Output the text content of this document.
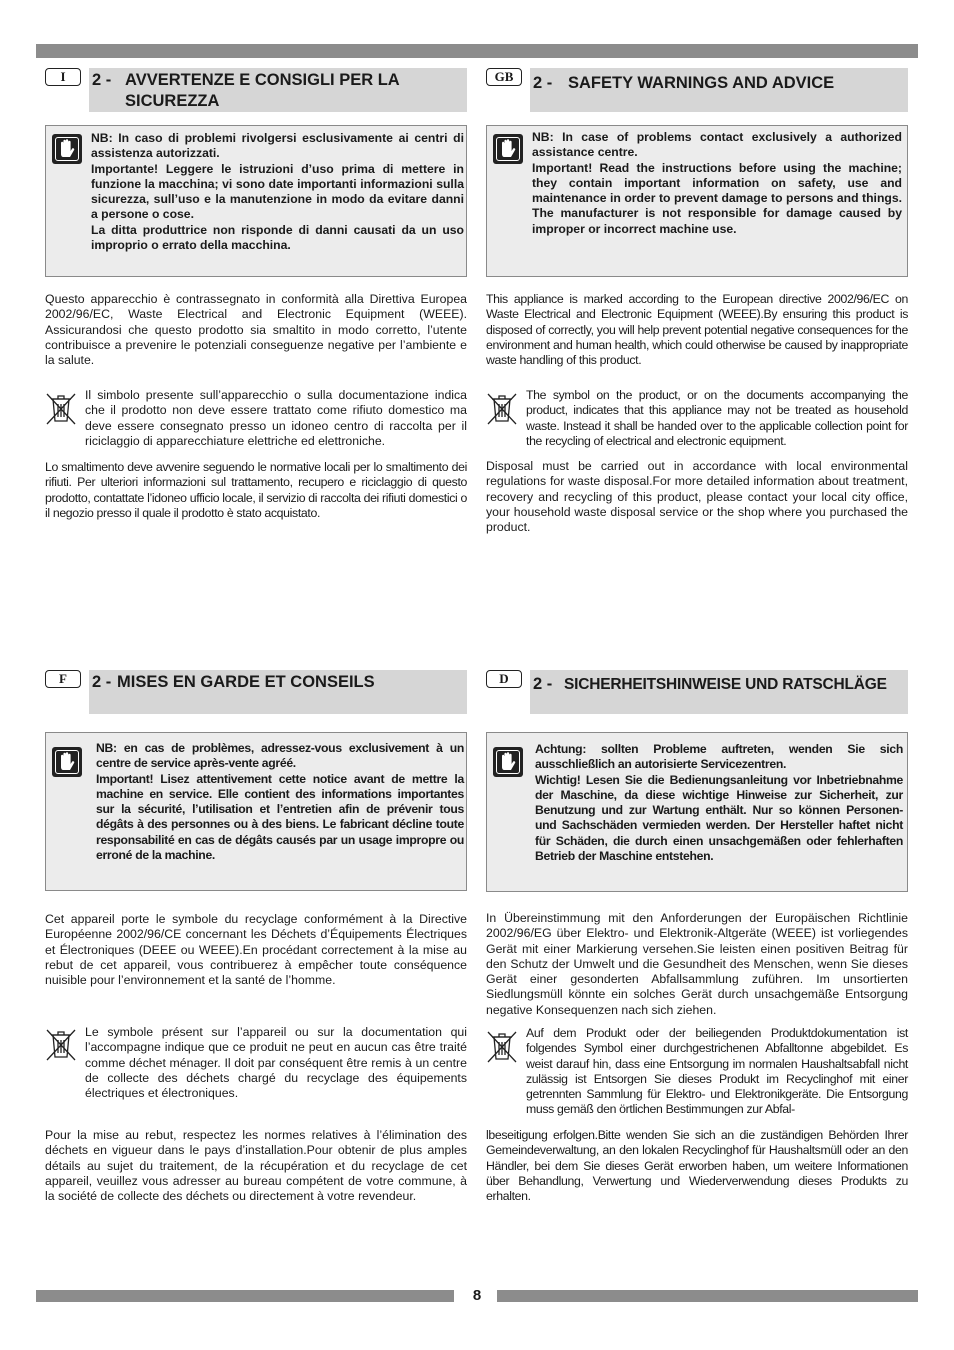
I	2 - AVVERTENZE E CONSIGLI PER LA SICUREZZA

NB: In caso di problemi rivolgersi esclusivamente ai centri di assistenza autorizzati.

Importante! Leggere le istruzioni d’uso prima di mettere in funzione la macchina; vi sono date importanti informazioni sulla sicurezza, sull’uso e la manutenzione in modo da evitare danni a persone o cose.

La ditta produttrice non risponde di danni causati da un uso improprio o errato della macchina.

Questo apparecchio è contrassegnato in conformità alla Direttiva Europea 2002/96/EC, Waste Electrical and Electronic Equipment (WEEE). Assicurandosi che questo prodotto sia smaltito in modo corretto, l’utente contribuisce a prevenire le potenziali conseguenze negative per l’ambiente e la salute.

Il simbolo presente sull’apparecchio o sulla documentazione indica che il prodotto non deve essere trattato come rifiuto domestico ma deve essere consegnato presso un idoneo centro di raccolta per il riciclaggio di apparecchiature elettriche ed elettroniche.

Lo smaltimento deve avvenire seguendo le normative locali per lo smaltimento dei rifiuti. Per ulteriori informazioni sul trattamento, recupero e riciclaggio di questo prodotto, contattate l’idoneo ufficio locale, il servizio di raccolta dei rifiuti domestici o il negozio presso il quale il prodotto è stato acquistato.

GB	2 - SAFETY WARNINGS AND ADVICE

NB: In case of problems contact exclusively a authorized assistance centre.

Important! Read the instructions before using the machine; they contain important information on safety, use and maintenance in order to prevent damage to persons and things. The manufacturer is not responsible for damage caused by improper or incorrect machine use.

This appliance is marked according to the European directive 2002/96/EC on Waste Electrical and Electronic Equipment (WEEE).By ensuring this product is disposed of correctly, you will help prevent potential negative consequences for the environment and human health, which could otherwise be caused by inappropriate waste handling of this product.

The symbol on the product, or on the documents accompanying the product, indicates that this appliance may not be treated as household waste. Instead it shall be handed over to the applicable collection point for the recycling of electrical and electronic equipment.

Disposal must be carried out in accordance with local environmental regulations for waste disposal.For more detailed information about treatment, recovery and recycling of this product, please contact your local city office, your household waste disposal service or the shop where you purchased the product.

F	2 - MISES EN GARDE ET CONSEILS

NB: en cas de problèmes, adressez-vous exclusivement à un centre de service après-vente agréé.

Important! Lisez attentivement cette notice avant de mettre la machine en service. Elle contient des informations importantes sur la sécurité, l’utilisation et l’entretien afin de prévenir tous dégâts à des personnes ou à des biens. Le fabricant décline toute responsabilité en cas de dégâts causés par un usage impropre ou erroné de la machine.

Cet appareil porte le symbole du recyclage conformément à la Directive Européenne 2002/96/CE concernant les Déchets d’Équipements Électriques et Électroniques (DEEE ou WEEE).En procédant correctement à la mise au rebut de cet appareil, vous contribuerez à empêcher toute conséquence nuisible pour l’environnement et la santé de l’homme.

Le symbole présent sur l’appareil ou sur la documentation qui l’accompagne indique que ce produit ne peut en aucun cas être traité comme déchet ménager. Il doit par conséquent être remis à un centre de collecte des déchets chargé du recyclage des équipements électriques et électroniques.

Pour la mise au rebut, respectez les normes relatives à l’élimination des déchets en vigueur dans le pays d’installation.Pour obtenir de plus amples détails au sujet du traitement, de la récupération et du recyclage de cet appareil, veuillez vous adresser au bureau compétent de votre commune, à la société de collecte des déchets ou directement à votre revendeur.

D	2 - SICHERHEITSHINWEISE UND RATSCHLÄGE

Achtung: sollten Probleme auftreten, wenden Sie sich ausschließlich an autorisierte Servicezentren.

Wichtig! Lesen Sie die Bedienungsanleitung vor Inbetriebnahme der Maschine, da diese wichtige Hinweise zur Sicherheit, zur Benutzung und zur Wartung enthält. Nur so können Personen- und Sachschäden vermieden werden. Der Hersteller haftet nicht für Schäden, die durch einen unsachgemäßen oder fehlerhaften Betrieb der Maschine entstehen.

In Übereinstimmung mit den Anforderungen der Europäischen Richtlinie 2002/96/EG über Elektro- und Elektronik-Altgeräte (WEEE) ist vorliegendes Gerät mit einer Markierung versehen.Sie leisten einen positiven Beitrag für den Schutz der Umwelt und die Gesundheit des Menschen, wenn Sie dieses Gerät einer gesonderten Abfallsammlung zuführen. Im unsortierten Siedlungsmüll könnte ein solches Gerät durch unsachgemäße Entsorgung negative Konsequenzen nach sich ziehen.

Auf dem Produkt oder der beiliegenden Produktdokumentation ist folgendes Symbol einer durchgestrichenen Abfalltonne abgebildet. Es weist darauf hin, dass eine Entsorgung im normalen Haushaltsabfall nicht zulässig ist Entsorgen Sie dieses Produkt im Recyclinghof mit einer getrennten Sammlung für Elektro- und Elektronikgeräte. Die Entsorgung muss gemäß den örtlichen Bestimmungen zur Abfal-

lbeseitigung erfolgen.Bitte wenden Sie sich an die zuständigen Behörden Ihrer Gemeindeverwaltung, an den lokalen Recyclinghof für Haushaltsmüll oder an den Händler, bei dem Sie dieses Gerät erworben haben, um weitere Informationen über Behandlung, Verwertung und Wiederverwendung dieses Produkts zu erhalten.

8
